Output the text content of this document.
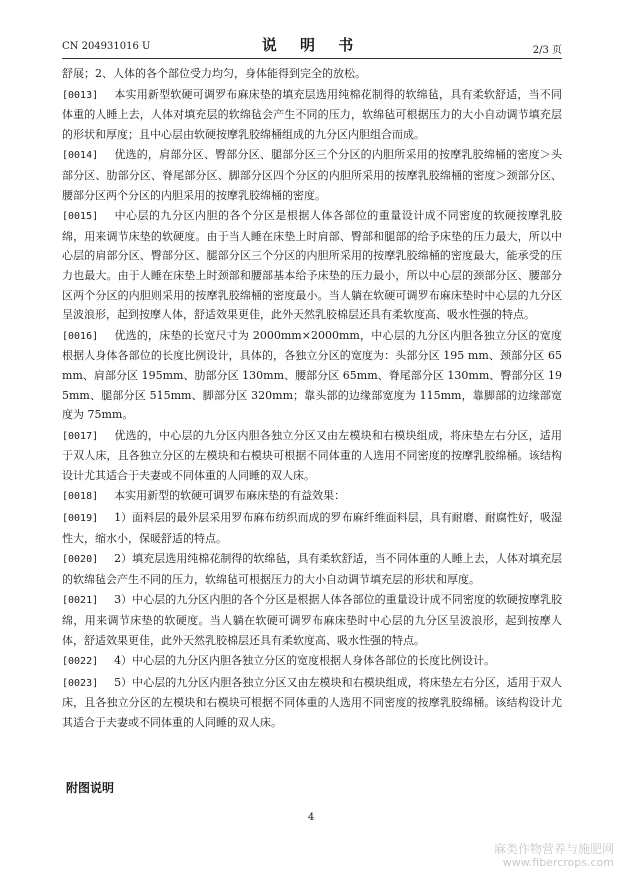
CN 204931016 U	说 明 书	2/3 页

舒展；2、人体的各个部位受力均匀，身体能得到完全的放松。

[0013] 本实用新型软硬可调罗布麻床垫的填充层选用纯棉花制得的软绵毡，具有柔软舒适，当不同体重的人睡上去，人体对填充层的软绵毡会产生不同的压力，软绵毡可根据压力的大小自动调节填充层的形状和厚度；且中心层由软硬按摩乳胶绵桶组成的九分区内胆组合而成。

[0014] 优选的，肩部分区、臀部分区、腿部分区三个分区的内胆所采用的按摩乳胶绵桶的密度＞头部分区、肋部分区、脊尾部分区、脚部分区四个分区的内胆所采用的按摩乳胶绵桶的密度＞颈部分区、腰部分区两个分区的内胆采用的按摩乳胶绵桶的密度。

[0015] 中心层的九分区内胆的各个分区是根据人体各部位的重量设计成不同密度的软硬按摩乳胶绵，用来调节床垫的软硬度。由于当人睡在床垫上时肩部、臀部和腿部的给予床垫的压力最大，所以中心层的肩部分区、臀部分区、腿部分区三个分区的内胆所采用的按摩乳胶绵桶的密度最大，能承受的压力也最大。由于人睡在床垫上时颈部和腰部基本给予床垫的压力最小，所以中心层的颈部分区、腰部分区两个分区的内胆则采用的按摩乳胶绵桶的密度最小。当人躺在软硬可调罗布麻床垫时中心层的九分区呈波浪形，起到按摩人体，舒适效果更佳，此外天然乳胶棉层还具有柔软度高、吸水性强的特点。

[0016] 优选的，床垫的长宽尺寸为 2000mm×2000mm，中心层的九分区内胆各独立分区的宽度根据人身体各部位的长度比例设计，具体的，各独立分区的宽度为：头部分区 195 mm、颈部分区 65mm、肩部分区 195mm、肋部分区 130mm、腰部分区 65mm、脊尾部分区 130mm、臀部分区 195mm、腿部分区 515mm、脚部分区 320mm；靠头部的边缘部宽度为 115mm，靠脚部的边缘部宽度为 75mm。

[0017] 优选的，中心层的九分区内胆各独立分区又由左模块和右模块组成，将床垫左右分区，适用于双人床，且各独立分区的左模块和右模块可根据不同体重的人选用不同密度的按摩乳胶绵桶。该结构设计尤其适合于夫妻或不同体重的人同睡的双人床。

[0018] 本实用新型的软硬可调罗布麻床垫的有益效果：

[0019] 1）面料层的最外层采用罗布麻布纺织而成的罗布麻纤维面料层，具有耐磨、耐腐性好，吸湿性大，缩水小，保暖舒适的特点。

[0020] 2）填充层选用纯棉花制得的软绵毡，具有柔软舒适，当不同体重的人睡上去，人体对填充层的软绵毡会产生不同的压力，软绵毡可根据压力的大小自动调节填充层的形状和厚度。

[0021] 3）中心层的九分区内胆的各个分区是根据人体各部位的重量设计成不同密度的软硬按摩乳胶绵，用来调节床垫的软硬度。当人躺在软硬可调罗布麻床垫时中心层的九分区呈波浪形，起到按摩人体，舒适效果更佳，此外天然乳胶棉层还具有柔软度高、吸水性强的特点。

[0022] 4）中心层的九分区内胆各独立分区的宽度根据人身体各部位的长度比例设计。

[0023] 5）中心层的九分区内胆各独立分区又由左模块和右模块组成，将床垫左右分区，适用于双人床，且各独立分区的左模块和右模块可根据不同体重的人选用不同密度的按摩乳胶绵桶。该结构设计尤其适合于夫妻或不同体重的人同睡的双人床。

附图说明
4
麻类作物营养与施肥网
www.fibercrops.com
